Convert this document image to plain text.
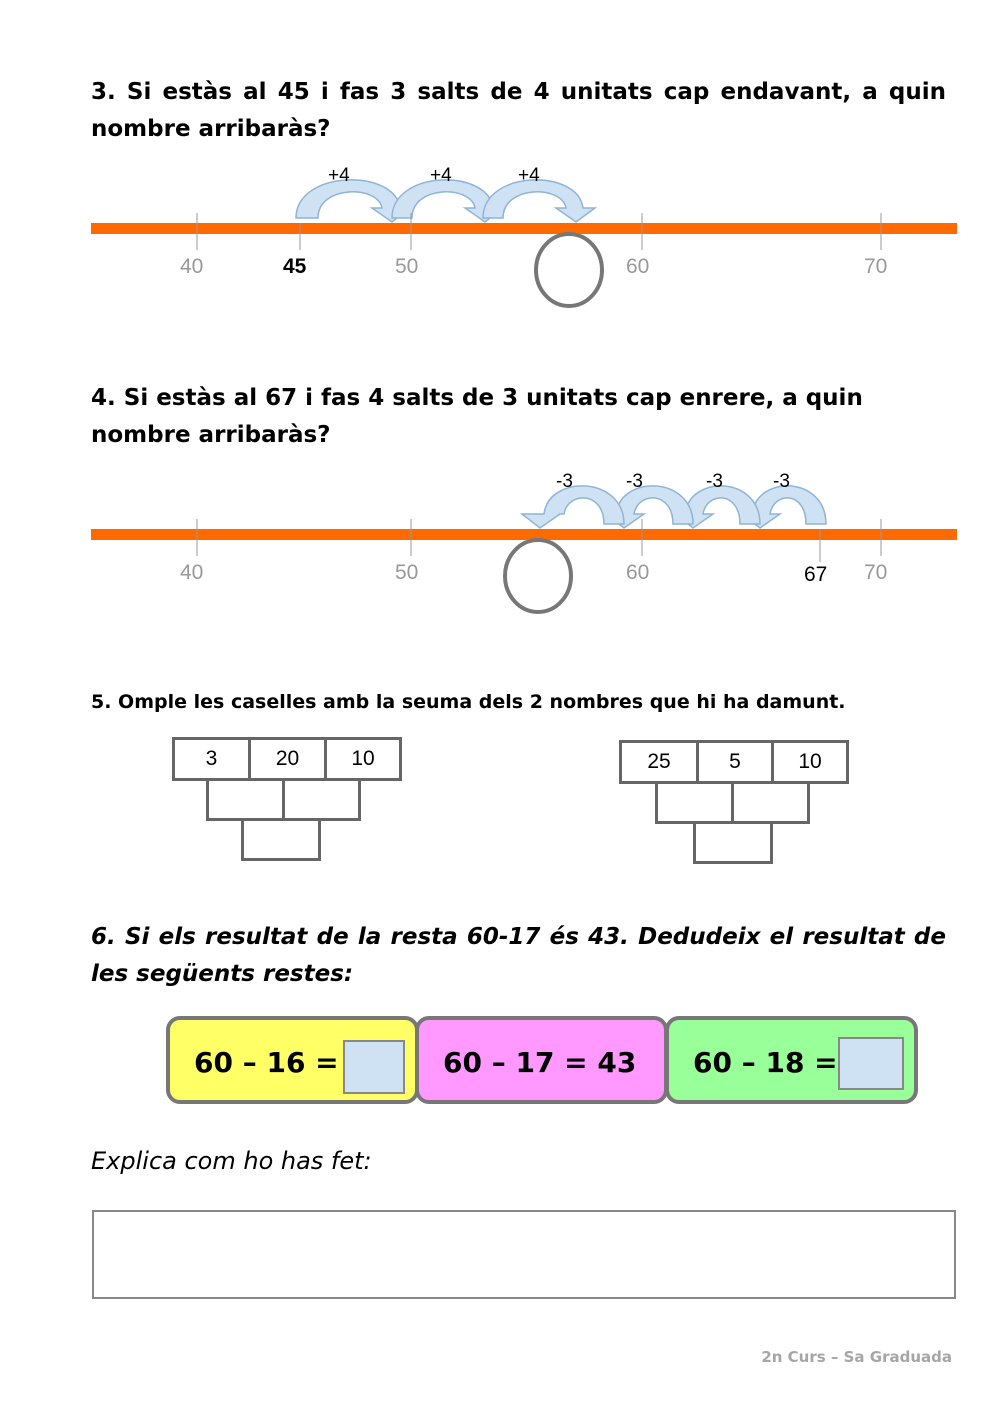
3. Si estàs al 45 i fas 3 salts de 4 unitats cap endavant, a quin nombre arribaràs?

+4	+4	+4
40	45	50	60	70

4. Si estàs al 67 i fas 4 salts de 3 unitats cap enrere, a quin nombre arribaràs?

-3	-3	-3	-3
40	50	60	67 70

5. Omple les caselles amb la seuma dels 2 nombres que hi ha damunt.

3	20	10	25	5	10

6. Si els resultat de la resta 60-17 és 43. Dedudeix el resultat de les següents restes:

60 – 16 =	60 – 17 = 43 60 – 18 =

Explica com ho has fet:

2n Curs – Sa Graduada
